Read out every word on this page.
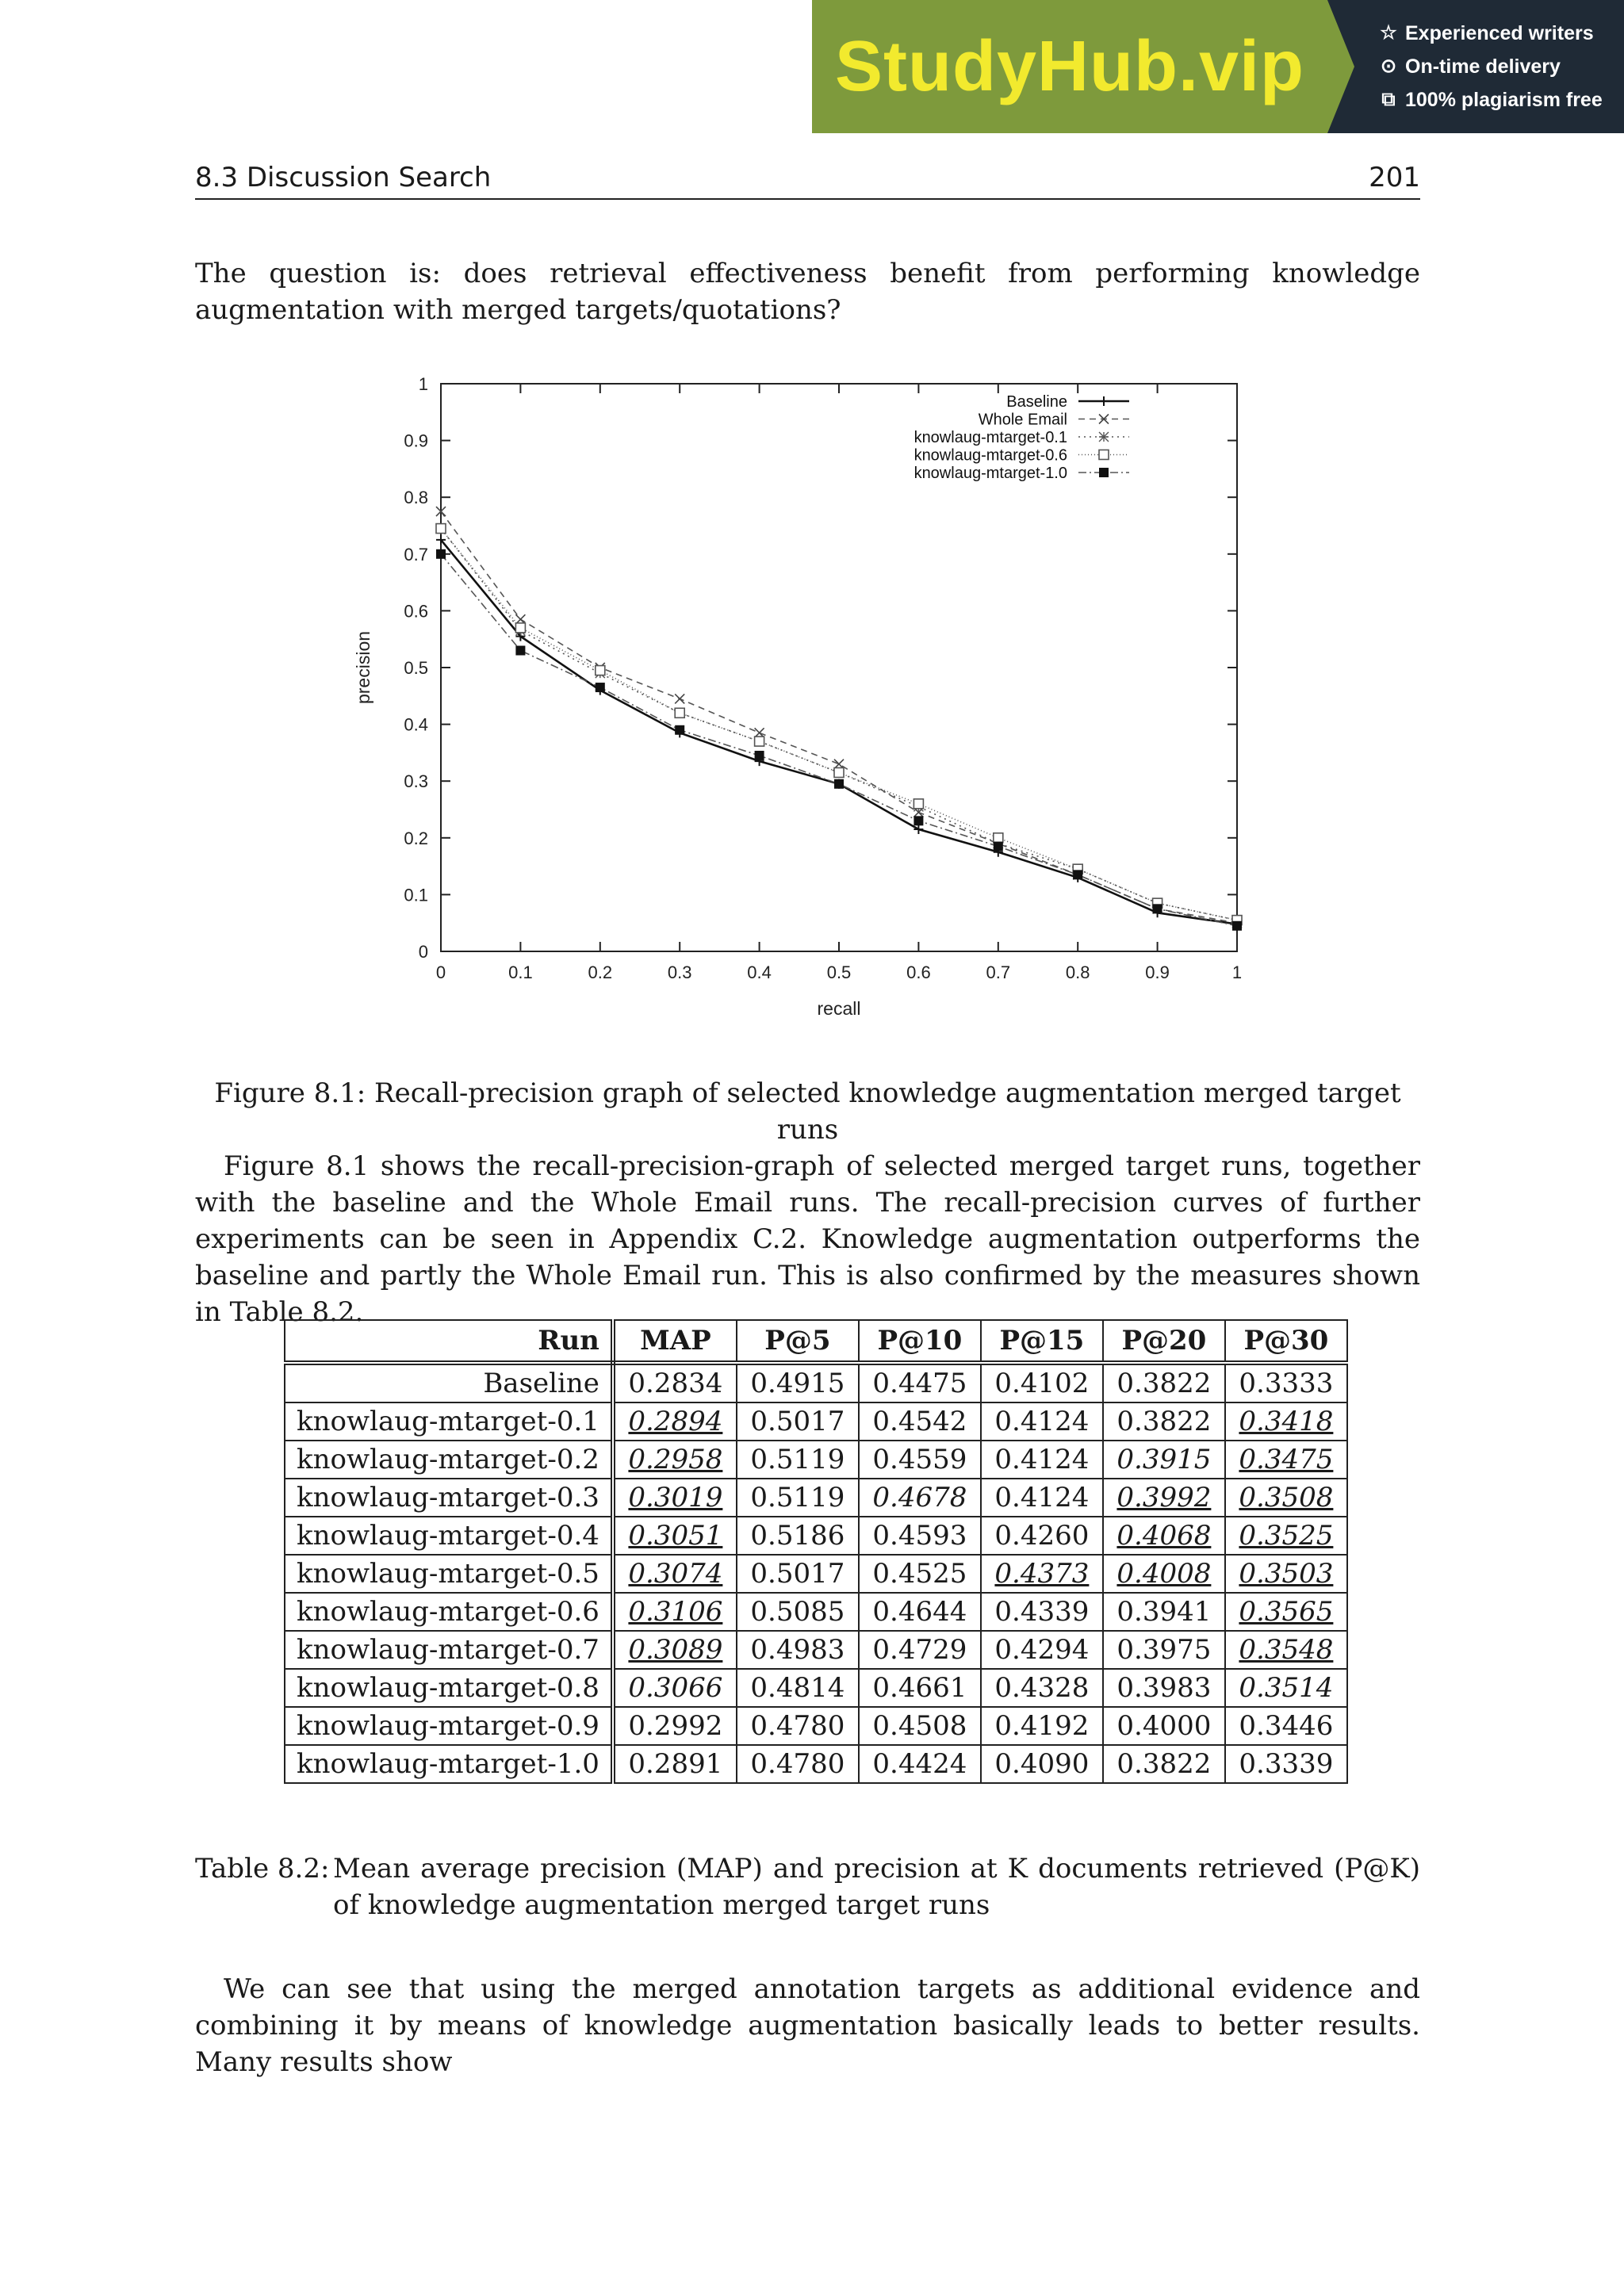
StudyHub.vip	☆ Experienced writers
⊙ On-time delivery
⧉ 100% plagiarism free
8.3 Discussion Search	201
The question is: does retrieval effectiveness benefit from performing knowledge augmentation with merged targets/quotations?
0	0.1	0.2	0.3	0.4	0.5	0.6	0.7	0.8	0.9	1
0
0.1
0.2
0.3
0.4
0.5
0.6
0.7
0.8
0.9
1
recall
precision
Baseline
Whole Email
knowlaug-mtarget-0.1
knowlaug-mtarget-0.6
knowlaug-mtarget-1.0
Figure 8.1: Recall-precision graph of selected knowledge augmentation merged target runs
Figure 8.1 shows the recall-precision-graph of selected merged target runs, together with the baseline and the Whole Email runs. The recall-precision curves of further experiments can be seen in Appendix C.2. Knowledge augmentation outperforms the baseline and partly the Whole Email run. This is also confirmed by the measures shown in Table 8.2.
Run	MAP	P@5	P@10	P@15	P@20	P@30
Baseline	0.2834	0.4915	0.4475	0.4102	0.3822	0.3333
knowlaug-mtarget-0.1	0.2894	0.5017	0.4542	0.4124	0.3822	0.3418
knowlaug-mtarget-0.2	0.2958	0.5119	0.4559	0.4124	0.3915	0.3475
knowlaug-mtarget-0.3	0.3019	0.5119	0.4678	0.4124	0.3992	0.3508
knowlaug-mtarget-0.4	0.3051	0.5186	0.4593	0.4260	0.4068	0.3525
knowlaug-mtarget-0.5	0.3074	0.5017	0.4525	0.4373	0.4008	0.3503
knowlaug-mtarget-0.6	0.3106	0.5085	0.4644	0.4339	0.3941	0.3565
knowlaug-mtarget-0.7	0.3089	0.4983	0.4729	0.4294	0.3975	0.3548
knowlaug-mtarget-0.8	0.3066	0.4814	0.4661	0.4328	0.3983	0.3514
knowlaug-mtarget-0.9	0.2992	0.4780	0.4508	0.4192	0.4000	0.3446
knowlaug-mtarget-1.0	0.2891	0.4780	0.4424	0.4090	0.3822	0.3339
Table 8.2: Mean average precision (MAP) and precision at K documents retrieved (P@K) of knowledge augmentation merged target runs
We can see that using the merged annotation targets as additional evidence and combining it by means of knowledge augmentation basically leads to better results. Many results show
